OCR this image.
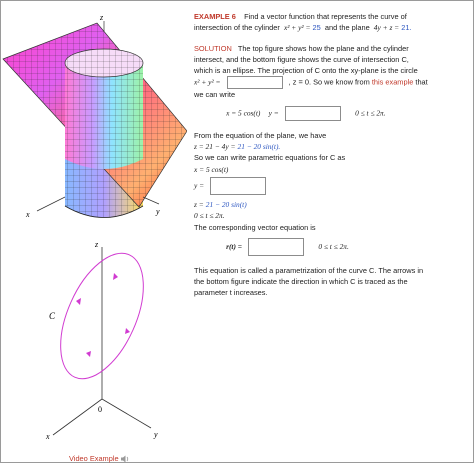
z
x	y
z
x	y
0
C

EXAMPLE 6 Find a vector function that represents the curve of

intersection of the cylinder x² + y² = 25 and the plane 4y + z = 21.

SOLUTION The top figure shows how the plane and the cylinder

intersect, and the bottom figure shows the curve of intersection C,

which is an ellipse. The projection of C onto the xy-plane is the circle

x² + y² =	, z = 0. So we know from this example that

we can write

x = 5 cos(t) y =	0 ≤ t ≤ 2π.

From the equation of the plane, we have

z = 21 − 4y = 21 − 20 sin(t).

So we can write parametric equations for C as

x = 5 cos(t)

y =

z = 21 − 20 sin(t)

0 ≤ t ≤ 2π.

The corresponding vector equation is

r(t) =	0 ≤ t ≤ 2π.

This equation is called a parametrization of the curve C. The arrows in

the bottom figure indicate the direction in which C is traced as the

parameter t increases.

Video Example
